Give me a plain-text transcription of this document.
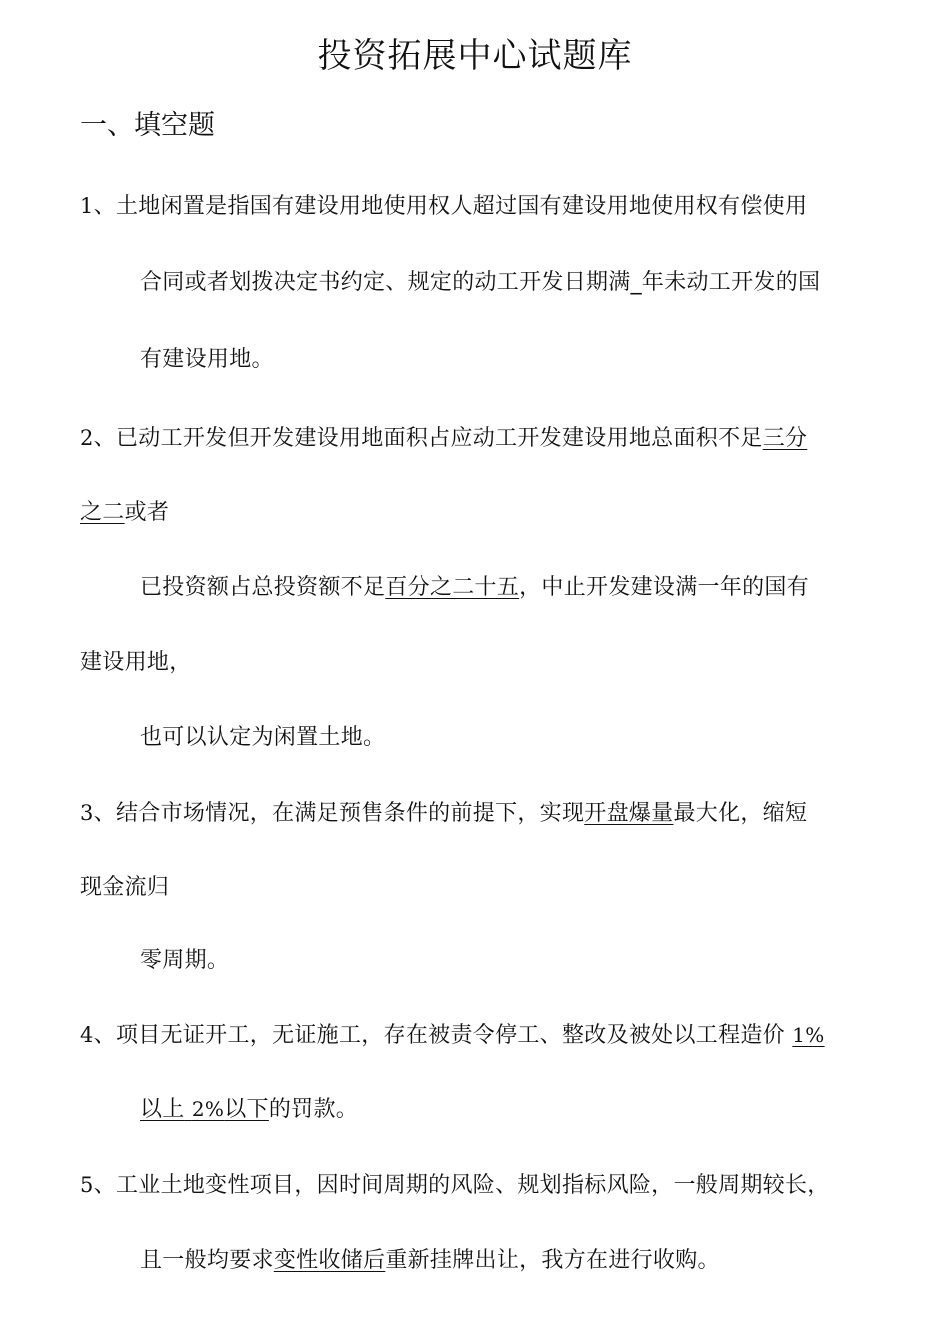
投资拓展中心试题库
一、填空题
1、土地闲置是指国有建设用地使用权人超过国有建设用地使用权有偿使用
合同或者划拨决定书约定、规定的动工开发日期满_年未动工开发的国
有建设用地。
2、已动工开发但开发建设用地面积占应动工开发建设用地总面积不足三分
之二或者
已投资额占总投资额不足百分之二十五，中止开发建设满一年的国有
建设用地，
也可以认定为闲置土地。
3、结合市场情况，在满足预售条件的前提下，实现开盘爆量最大化，缩短
现金流归
零周期。
4、项目无证开工，无证施工，存在被责令停工、整改及被处以工程造价 1%
以上 2%以下的罚款。
5、工业土地变性项目，因时间周期的风险、规划指标风险，一般周期较长，
且一般均要求变性收储后重新挂牌出让，我方在进行收购。
